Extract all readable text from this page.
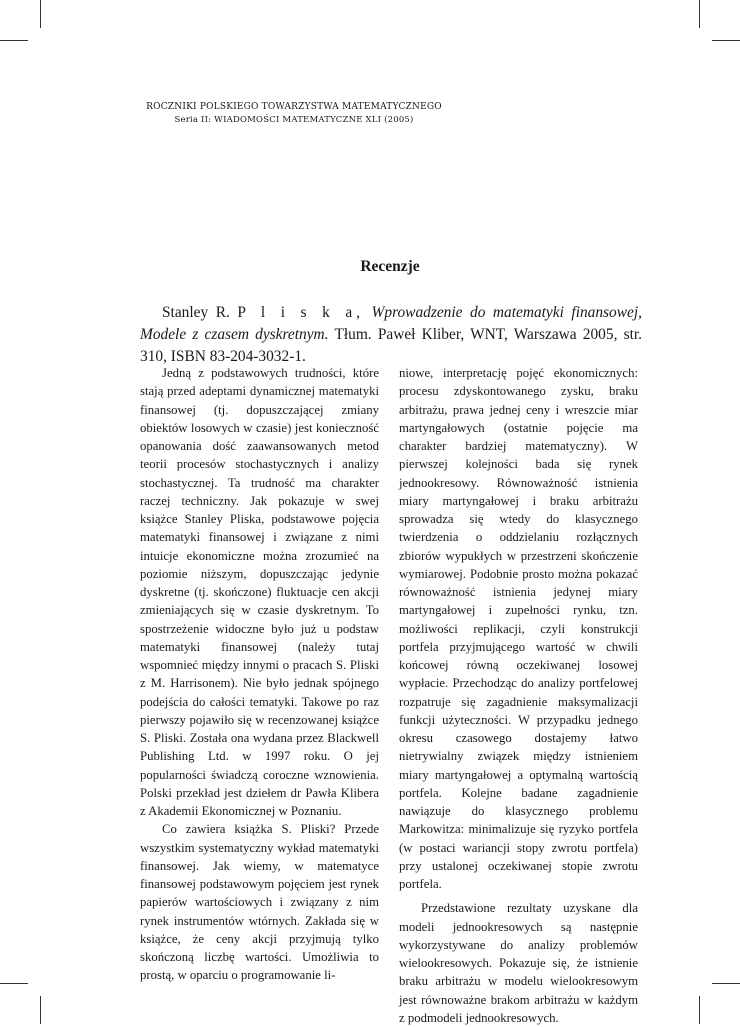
ROCZNIKI POLSKIEGO TOWARZYSTWA MATEMATYCZNEGO
Seria II: WIADOMOŚCI MATEMATYCZNE XLI (2005)
Recenzje
Stanley R. P l i s k a, Wprowadzenie do matematyki finansowej, Modele z czasem dyskretnym. Tłum. Paweł Kliber, WNT, Warszawa 2005, str. 310, ISBN 83-204-3032-1.

Jedną z podstawowych trudności, które stają przed adeptami dynamicznej matematyki finansowej (tj. dopuszczającej zmiany obiektów losowych w czasie) jest konieczność opanowania dość zaawansowanych metod teorii procesów stochastycznych i analizy stochastycznej. Ta trudność ma charakter raczej techniczny. Jak pokazuje w swej książce Stanley Pliska, podstawowe pojęcia matematyki finansowej i związane z nimi intuicje ekonomiczne można zrozumieć na poziomie niższym, dopuszczając jedynie dyskretne (tj. skończone) fluktuacje cen akcji zmieniających się w czasie dyskretnym. To spostrzeżenie widoczne było już u podstaw matematyki finansowej (należy tutaj wspomnieć między innymi o pracach S. Pliski z M. Harrisonem). Nie było jednak spójnego podejścia do całości tematyki. Takowe po raz pierwszy pojawiło się w recenzowanej książce S. Pliski. Została ona wydana przez Blackwell Publishing Ltd. w 1997 roku. O jej popularności świadczą coroczne wznowienia. Polski przekład jest dziełem dr Pawła Klibera z Akademii Ekonomicznej w Poznaniu.

Co zawiera książka S. Pliski? Przede wszystkim systematyczny wykład matematyki finansowej. Jak wiemy, w matematyce finansowej podstawowym pojęciem jest rynek papierów wartościowych i związany z nim rynek instrumentów wtórnych. Zakłada się w książce, że ceny akcji przyjmują tylko skończoną liczbę wartości. Umożliwia to prostą, w oparciu o programowanie li-

niowe, interpretację pojęć ekonomicznych: procesu zdyskontowanego zysku, braku arbitrażu, prawa jednej ceny i wreszcie miar martyngałowych (ostatnie pojęcie ma charakter bardziej matematyczny). W pierwszej kolejności bada się rynek jednookresowy. Równoważność istnienia miary martyngałowej i braku arbitrażu sprowadza się wtedy do klasycznego twierdzenia o oddzielaniu rozłącznych zbiorów wypukłych w przestrzeni skończenie wymiarowej. Podobnie prosto można pokazać równoważność istnienia jedynej miary martyngałowej i zupełności rynku, tzn. możliwości replikacji, czyli konstrukcji portfela przyjmującego wartość w chwili końcowej równą oczekiwanej losowej wypłacie. Przechodząc do analizy portfelowej rozpatruje się zagadnienie maksymalizacji funkcji użyteczności. W przypadku jednego okresu czasowego dostajemy łatwo nietrywialny związek między istnieniem miary martyngałowej a optymalną wartością portfela. Kolejne badane zagadnienie nawiązuje do klasycznego problemu Markowitza: minimalizuje się ryzyko portfela (w postaci wariancji stopy zwrotu portfela) przy ustalonej oczekiwanej stopie zwrotu portfela.

Przedstawione rezultaty uzyskane dla modeli jednookresowych są następnie wykorzystywane do analizy problemów wielookresowych. Pokazuje się, że istnienie braku arbitrażu w modelu wielookresowym jest równoważne brakom arbitrażu w każdym z podmodeli jednookresowych.
